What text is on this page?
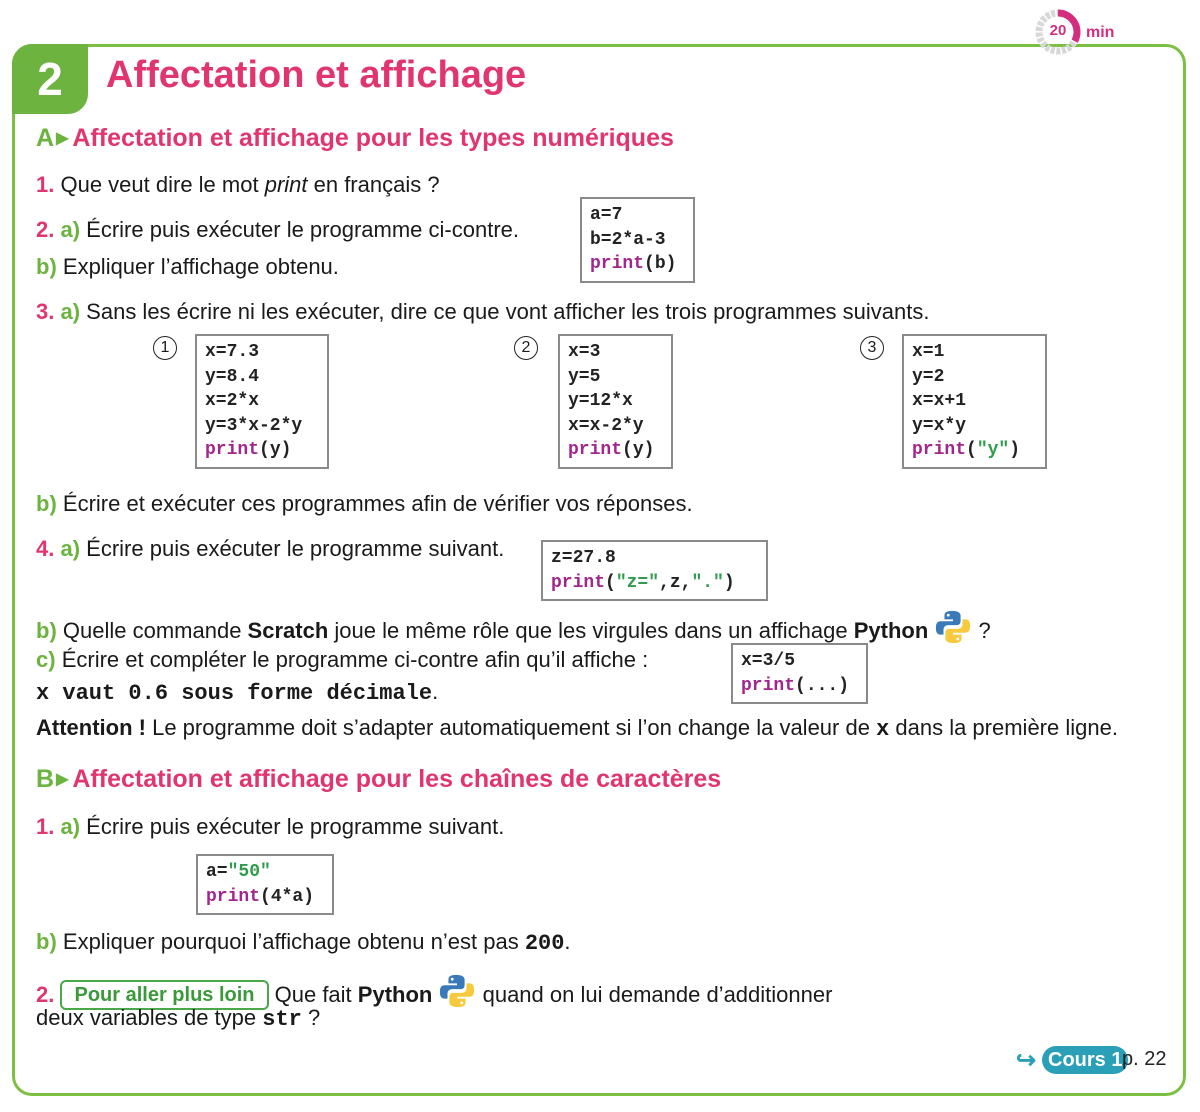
2	Affectation et affichage
20	min
A ▶ Affectation et affichage pour les types numériques
1. Que veut dire le mot print en français ?
2. a) Écrire puis exécuter le programme ci-contre.
b) Expliquer l’affichage obtenu.
a=7
b=2*a-3
print(b)
3. a) Sans les écrire ni les exécuter, dire ce que vont afficher les trois programmes suivants.
1	x=7.3
y=8.4
x=2*x
y=3*x-2*y
print(y)
2	x=3
y=5
y=12*x
x=x-2*y
print(y)
3	x=1
y=2
x=x+1
y=x*y
print("y")
b) Écrire et exécuter ces programmes afin de vérifier vos réponses.
4. a) Écrire puis exécuter le programme suivant.	z=27.8
print("z=",z,".")
b) Quelle commande Scratch joue le même rôle que les virgules dans un affichage Python  ?
c) Écrire et compléter le programme ci-contre afin qu’il affiche :
x vaut 0.6 sous forme décimale.
x=3/5
print(...)
Attention ! Le programme doit s’adapter automatiquement si l’on change la valeur de x dans la première ligne.
B ▶ Affectation et affichage pour les chaînes de caractères
1. a) Écrire puis exécuter le programme suivant.
a="50"
print(4*a)
b) Expliquer pourquoi l’affichage obtenu n’est pas 200.
2. Pour aller plus loin Que fait Python  quand on lui demande d’additionner
deux variables de type str ?
↪ Cours 1 p. 22
